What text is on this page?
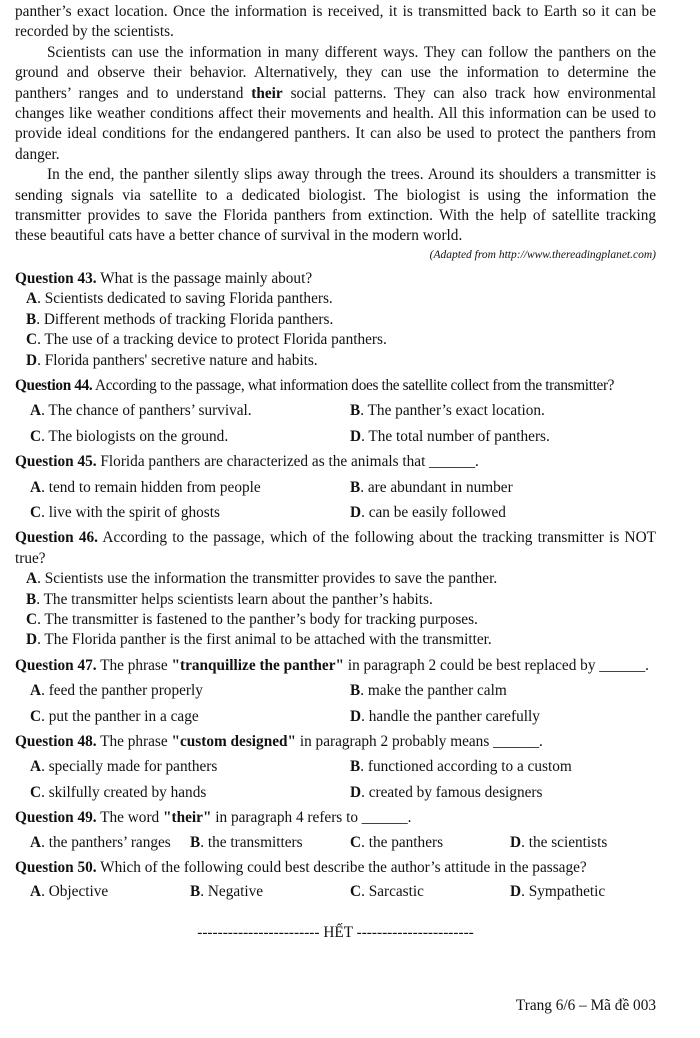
panther’s exact location. Once the information is received, it is transmitted back to Earth so it can be recorded by the scientists.

Scientists can use the information in many different ways. They can follow the panthers on the ground and observe their behavior. Alternatively, they can use the information to determine the panthers’ ranges and to understand their social patterns. They can also track how environmental changes like weather conditions affect their movements and health. All this information can be used to provide ideal conditions for the endangered panthers. It can also be used to protect the panthers from danger.

In the end, the panther silently slips away through the trees. Around its shoulders a transmitter is sending signals via satellite to a dedicated biologist. The biologist is using the information the transmitter provides to save the Florida panthers from extinction. With the help of satellite tracking these beautiful cats have a better chance of survival in the modern world.

(Adapted from http://www.thereadingplanet.com)

Question 43. What is the passage mainly about?

A. Scientists dedicated to saving Florida panthers.
B. Different methods of tracking Florida panthers.
C. The use of a tracking device to protect Florida panthers.
D. Florida panthers' secretive nature and habits.

Question 44. According to the passage, what information does the satellite collect from the transmitter?

A. The chance of panthers’ survival.	B. The panther’s exact location.
C. The biologists on the ground.	D. The total number of panthers.

Question 45. Florida panthers are characterized as the animals that ______.

A. tend to remain hidden from people	B. are abundant in number
C. live with the spirit of ghosts	D. can be easily followed

Question 46. According to the passage, which of the following about the tracking transmitter is NOT true?

A. Scientists use the information the transmitter provides to save the panther.
B. The transmitter helps scientists learn about the panther’s habits.
C. The transmitter is fastened to the panther’s body for tracking purposes.
D. The Florida panther is the first animal to be attached with the transmitter.

Question 47. The phrase "tranquillize the panther" in paragraph 2 could be best replaced by ______.

A. feed the panther properly	B. make the panther calm
C. put the panther in a cage	D. handle the panther carefully

Question 48. The phrase "custom designed" in paragraph 2 probably means ______.

A. specially made for panthers	B. functioned according to a custom
C. skilfully created by hands	D. created by famous designers

Question 49. The word "their" in paragraph 4 refers to ______.

A. the panthers’ ranges	B. the transmitters	C. the panthers	D. the scientists

Question 50. Which of the following could best describe the author’s attitude in the passage?

A. Objective	B. Negative	C. Sarcastic	D. Sympathetic

------------------------ HẾT -----------------------

Trang 6/6 – Mã đề 003
